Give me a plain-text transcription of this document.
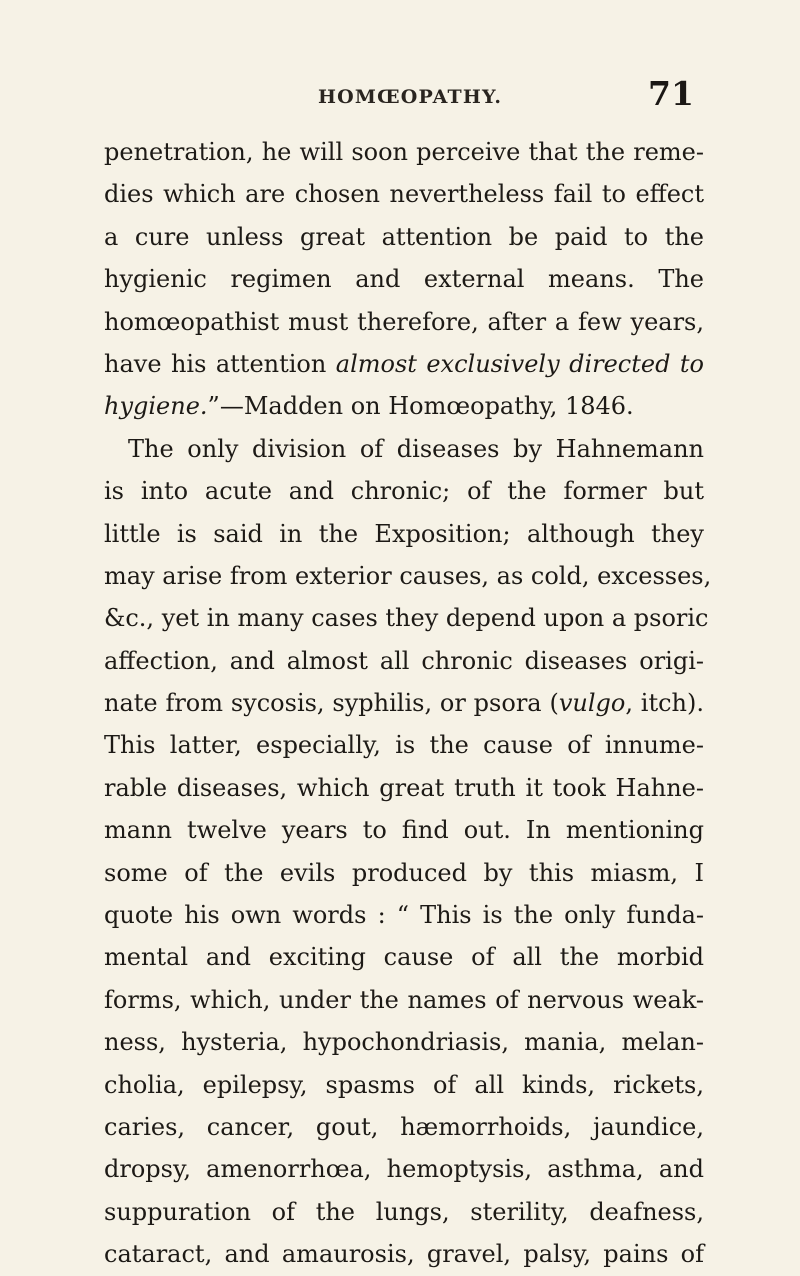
HOMŒOPATHY.	71
penetration, he will soon perceive that the reme-
dies which are chosen nevertheless fail to effect
a cure unless great attention be paid to the
hygienic regimen and external means. The
homœopathist must therefore, after a few years,
have his attention almost exclusively directed to
hygiene.”—Madden on Homœopathy, 1846.
The only division of diseases by Hahnemann
is into acute and chronic; of the former but
little is said in the Exposition; although they
may arise from exterior causes, as cold, excesses,
&c., yet in many cases they depend upon a psoric
affection, and almost all chronic diseases origi-
nate from sycosis, syphilis, or psora (vulgo, itch).
This latter, especially, is the cause of innume-
rable diseases, which great truth it took Hahne-
mann twelve years to find out. In mentioning
some of the evils produced by this miasm, I
quote his own words : “ This is the only funda-
mental and exciting cause of all the morbid
forms, which, under the names of nervous weak-
ness, hysteria, hypochondriasis, mania, melan-
cholia, epilepsy, spasms of all kinds, rickets,
caries, cancer, gout, hæmorrhoids, jaundice,
dropsy, amenorrhœa, hemoptysis, asthma, and
suppuration of the lungs, sterility, deafness,
cataract, and amaurosis, gravel, palsy, pains of
